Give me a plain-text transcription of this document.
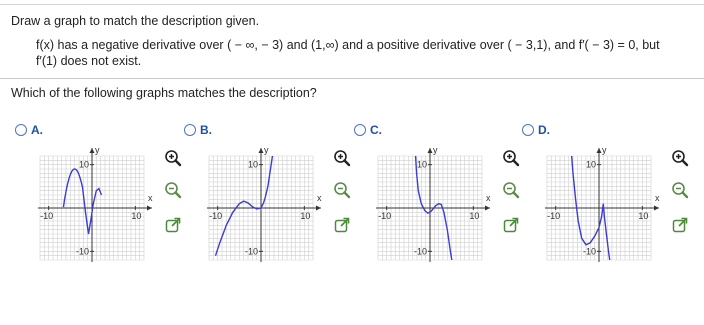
Draw a graph to match the description given.
f(x) has a negative derivative over ( − ∞, − 3) and (1,∞) and a positive derivative over ( − 3,1), and f′( − 3) = 0, but
f′(1) does not exist.
Which of the following graphs matches the description?
A.	B.	C.	D.
-10	10
10
-10
x
y
-10	10
10
-10
x
y
-10	10
10
-10
x
y
-10	10
10
-10
x
y
